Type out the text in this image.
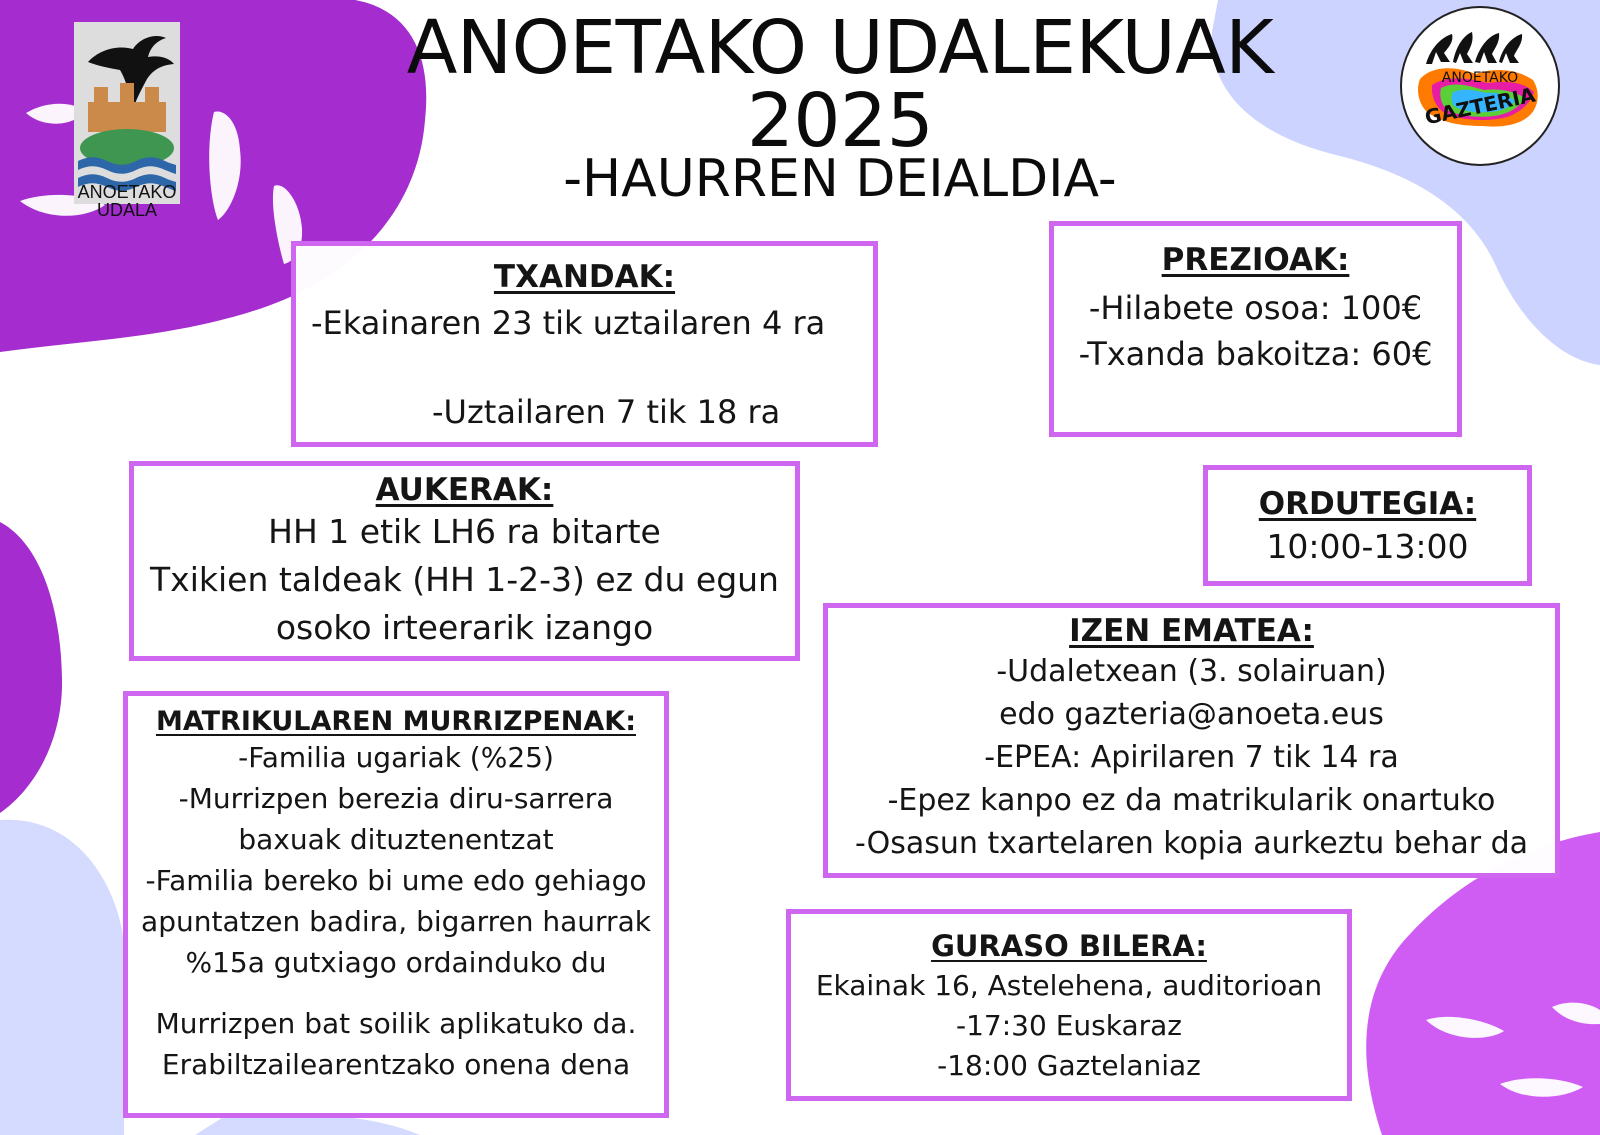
ANOETAKO UDALEKUAK
2025
-HAURREN DEIALDIA-
ANOETAKO
UDALA
ANOETAKO
GAZTERIA
TXANDAK:
-Ekainaren 23 tik uztailaren 4 ra
-Uztailaren 7 tik 18 ra
PREZIOAK:
-Hilabete osoa: 100€
-Txanda bakoitza: 60€
AUKERAK:
HH 1 etik LH6 ra bitarte
Txikien taldeak (HH 1-2-3) ez du egun
osoko irteerarik izango
ORDUTEGIA:
10:00-13:00
IZEN EMATEA:
-Udaletxean (3. solairuan)
edo gazteria@anoeta.eus
-EPEA: Apirilaren 7 tik 14 ra
-Epez kanpo ez da matrikularik onartuko
-Osasun txartelaren kopia aurkeztu behar da
MATRIKULAREN MURRIZPENAK:
-Familia ugariak (%25)
-Murrizpen berezia diru-sarrera
baxuak dituztenentzat
-Familia bereko bi ume edo gehiago
apuntatzen badira, bigarren haurrak
%15a gutxiago ordainduko du
Murrizpen bat soilik aplikatuko da.
Erabiltzailearentzako onena dena
GURASO BILERA:
Ekainak 16, Astelehena, auditorioan
-17:30 Euskaraz
-18:00 Gaztelaniaz
